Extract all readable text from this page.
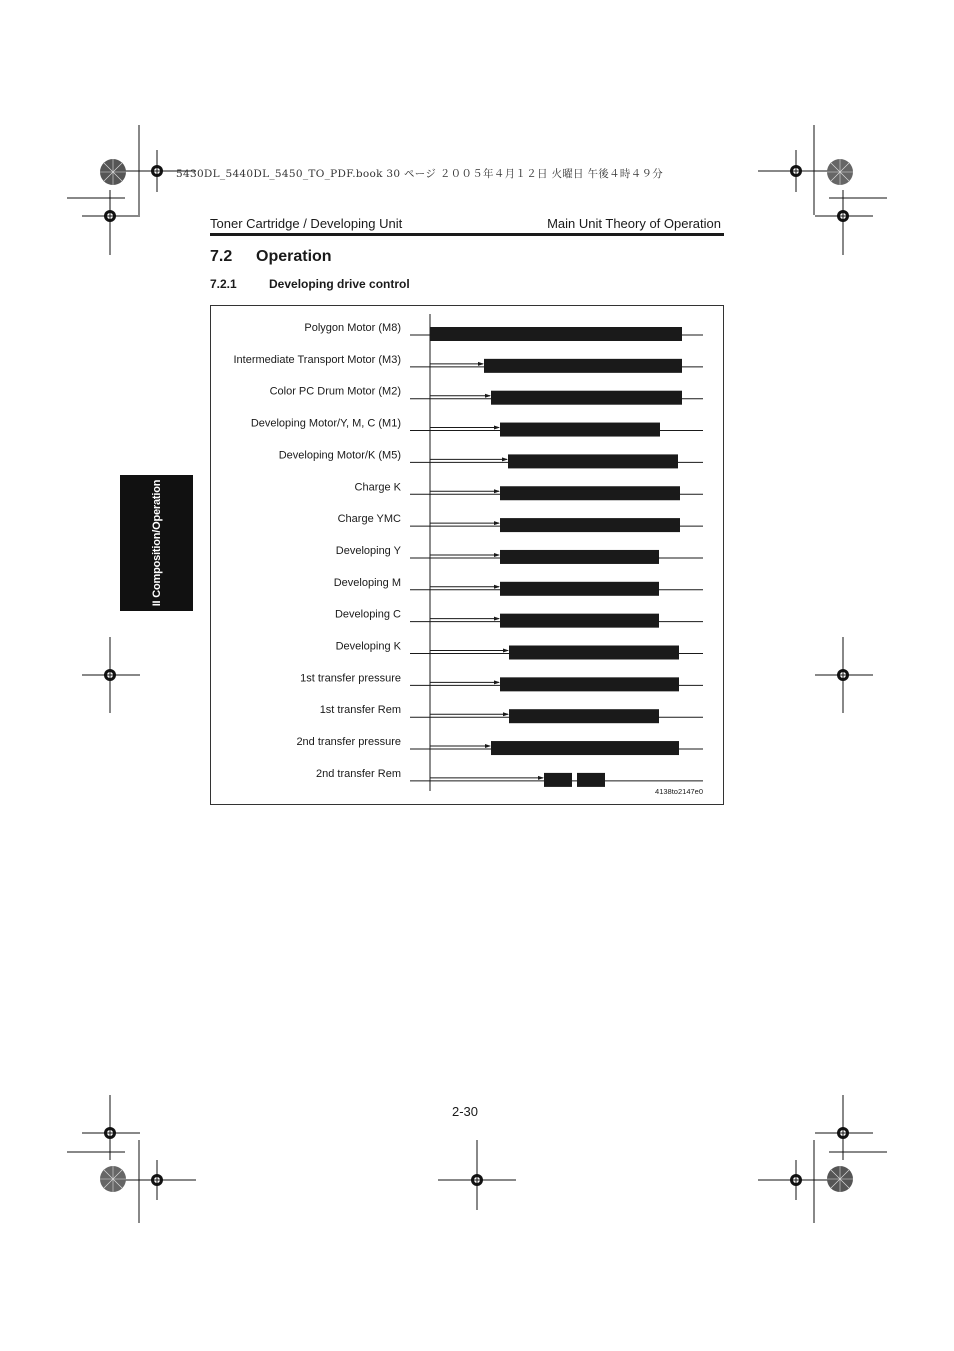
5430DL_5440DL_5450_TO_PDF.book 30 ページ ２００５年４月１２日 火曜日 午後４時４９分
Toner Cartridge / Developing Unit	Main Unit Theory of Operation
7.2 Operation
7.2.1	Developing drive control
II Composition/Operation
Polygon Motor (M8)
Intermediate Transport Motor (M3)
Color PC Drum Motor (M2)
Developing Motor/Y, M, C (M1)
Developing Motor/K (M5)
Charge K
Charge YMC
Developing Y
Developing M
Developing C
Developing K
1st transfer pressure
1st transfer Rem
2nd transfer pressure
2nd transfer Rem
4138to2147e0
2-30
